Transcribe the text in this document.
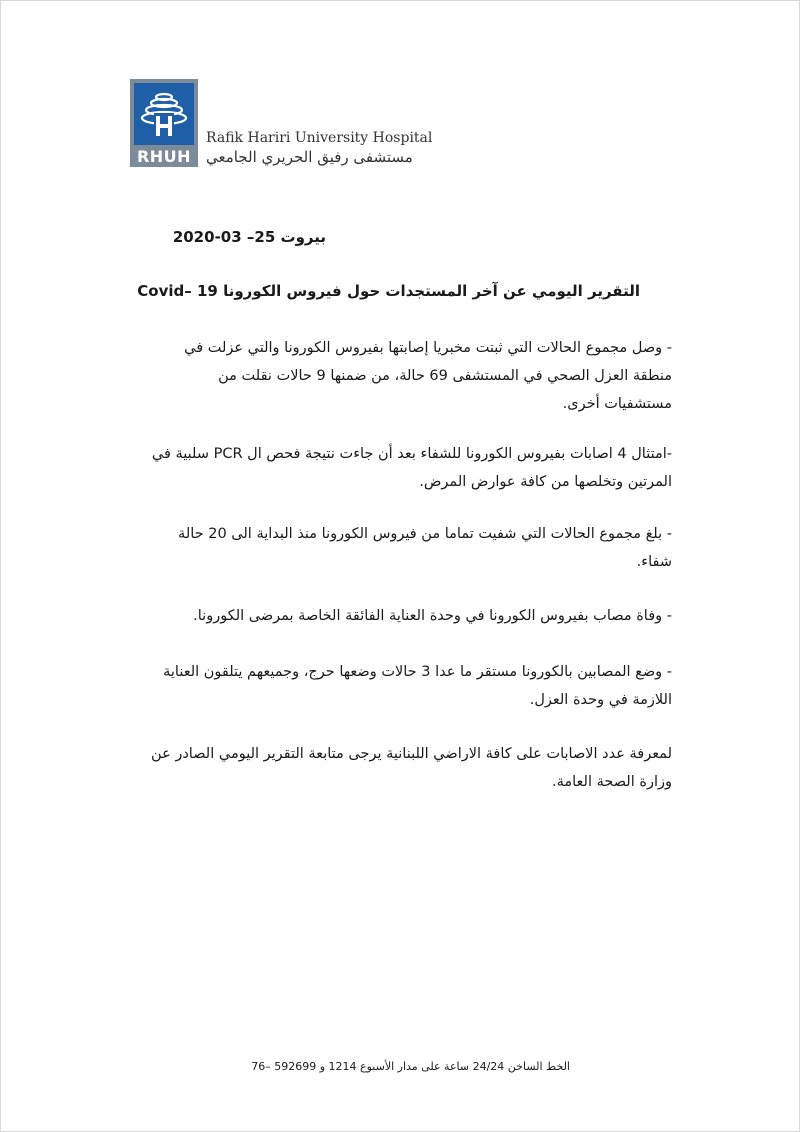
RHUH
Rafik Hariri University Hospital
مستشفى رفيق الحريري الجامعي
بيروت 25– 03-2020
التقرير اليومي عن آخر المستجدات حول فيروس الكورونا Covid– 19

- وصل مجموع الحالات التي ثبتت مخبريا إصابتها بفيروس الكورونا والتي عزلت في منطقة العزل الصحي في المستشفى 69 حالة، من ضمنها 9 حالات نقلت من مستشفيات أخرى.

-امتثال 4 اصابات بفيروس الكورونا للشفاء بعد أن جاءت نتيجة فحص ال PCR سلبية في المرتين وتخلصها من كافة عوارض المرض.

- بلغ مجموع الحالات التي شفيت تماما من فيروس الكورونا منذ البداية الى 20 حالة شفاء.

- وفاة مصاب بفيروس الكورونا في وحدة العناية الفائقة الخاصة بمرضى الكورونا.

- وضع المصابين بالكورونا مستقر ما عدا 3 حالات وضعها حرج، وجميعهم يتلقون العناية اللازمة في وحدة العزل.

لمعرفة عدد الاصابات على كافة الاراضي اللبنانية يرجى متابعة التقرير اليومي الصادر عن وزارة الصحة العامة.

الخط الساخن 24/24 ساعة على مدار الأسبوع 1214 و 592699 –76
